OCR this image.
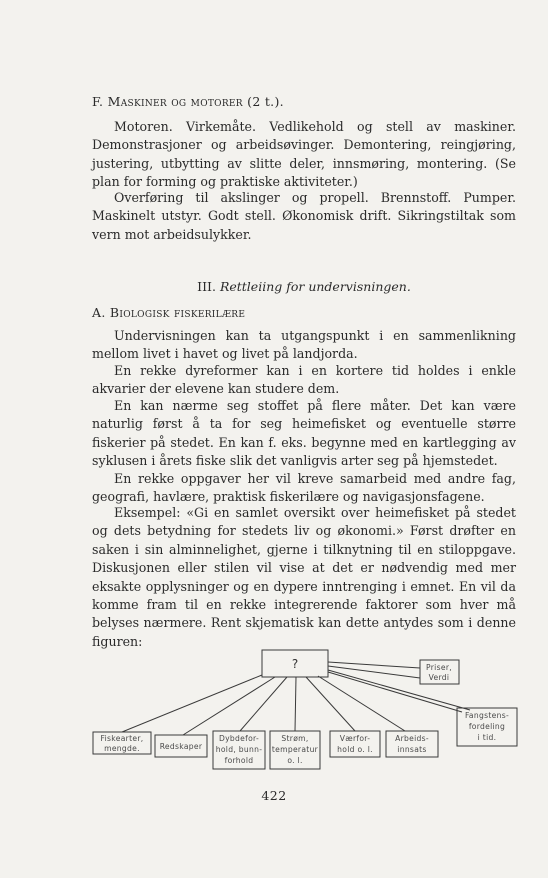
F. Maskiner og motorer (2 t.).
Motoren. Virkemåte. Vedlikehold og stell av maskiner. Demonstrasjoner og arbeidsøvinger. Demontering, reingjøring, justering, utbytting av slitte deler, innsmøring, montering. (Se plan for forming og praktiske aktiviteter.)
Overføring til akslinger og propell. Brennstoff. Pumper. Maskinelt utstyr. Godt stell. Økonomisk drift. Sikringstiltak som vern mot arbeidsulykker.
III. Rettleiing for undervisningen.
A. Biologisk fiskerilære
Undervisningen kan ta utgangspunkt i en sammenlikning mellom livet i havet og livet på landjorda.
En rekke dyreformer kan i en kortere tid holdes i enkle akvarier der elevene kan studere dem.
En kan nærme seg stoffet på flere måter. Det kan være naturlig først å ta for seg heimefisket og eventuelle større fiskerier på stedet. En kan f. eks. begynne med en kartlegging av syklusen i årets fiske slik det vanligvis arter seg på hjemstedet.
En rekke oppgaver her vil kreve samarbeid med andre fag, geografi, havlære, praktisk fiskerilære og navigasjonsfagene.
Eksempel: «Gi en samlet oversikt over heimefisket på stedet og dets betydning for stedets liv og økonomi.» Først drøfter en saken i sin alminnelighet, gjerne i tilknytning til en stiloppgave. Diskusjonen eller stilen vil vise at det er nødvendig med mer eksakte opplysninger og en dypere inntrenging i emnet. En vil da komme fram til en rekke integrerende faktorer som hver må belyses nærmere. Rent skjematisk kan dette antydes som i denne figuren:
?	Priser,
Verdi
Fiskearter,
mengde.	Redskaper
Dybdefor-
hold, bunn-
forhold
Strøm,
temperatur
o. l.
Værfor-
hold o. l.
Arbeids-
innsats
Fangstens-
fordeling
i tid.
422
